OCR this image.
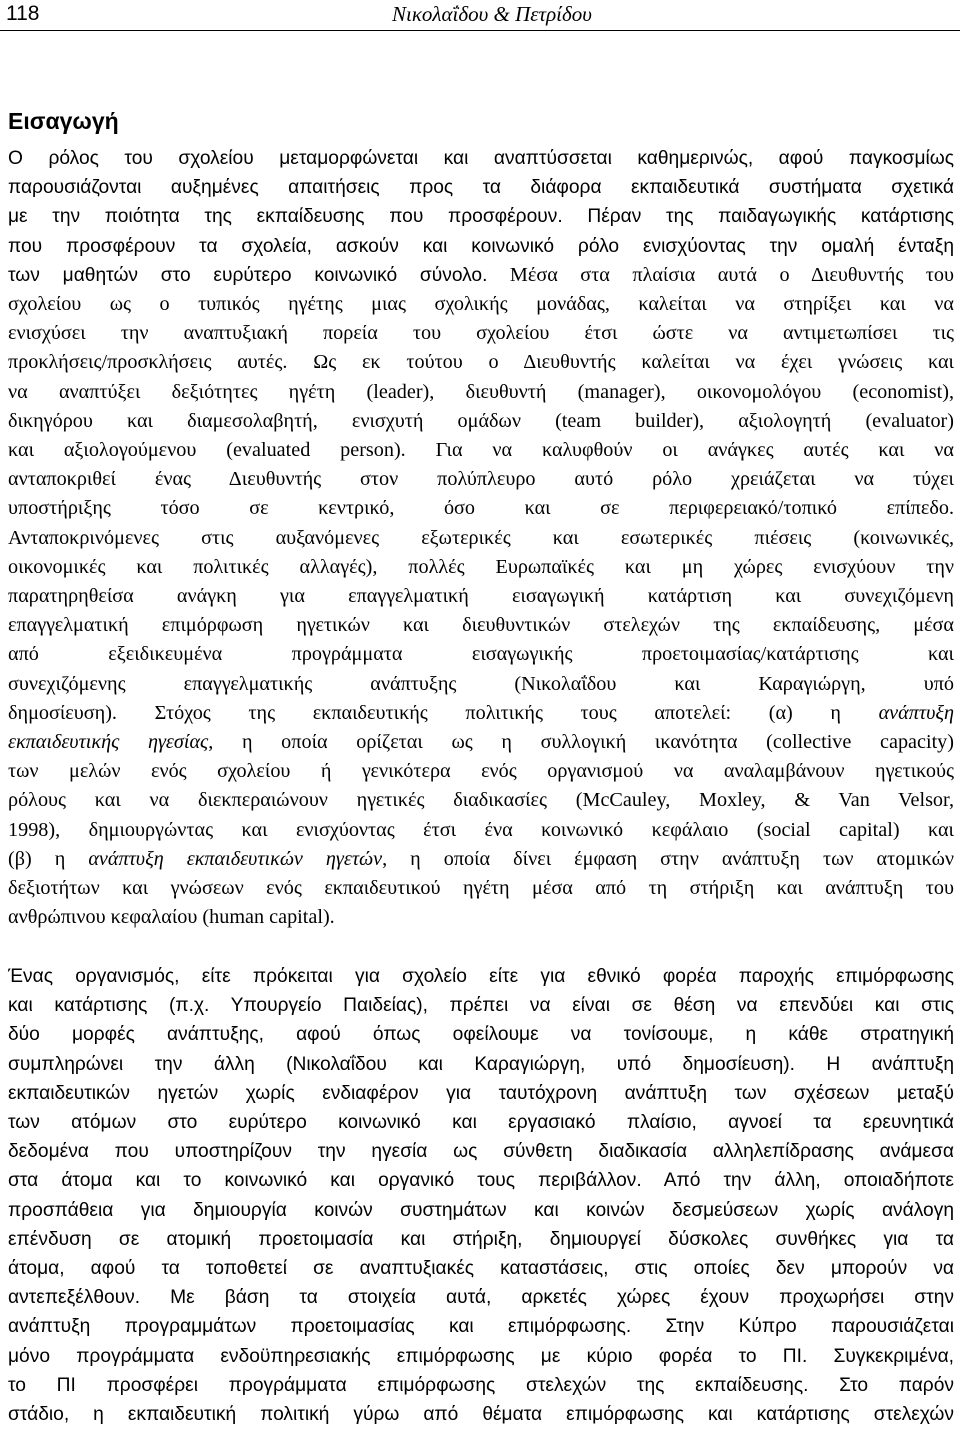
118	Νικολαΐδου & Πετρίδου
Εισαγωγή
Ο ρόλος του σχολείου μεταμορφώνεται και αναπτύσσεται καθημερινώς, αφού παγκοσμίως
παρουσιάζονται αυξημένες απαιτήσεις προς τα διάφορα εκπαιδευτικά συστήματα σχετικά
με την ποιότητα της εκπαίδευσης που προσφέρουν. Πέραν της παιδαγωγικής κατάρτισης
που προσφέρουν τα σχολεία, ασκούν και κοινωνικό ρόλο ενισχύοντας την ομαλή ένταξη
των μαθητών στο ευρύτερο κοινωνικό σύνολο. Μέσα στα πλαίσια αυτά ο Διευθυντής του
σχολείου ως ο τυπικός ηγέτης μιας σχολικής μονάδας, καλείται να στηρίξει και να
ενισχύσει την αναπτυξιακή πορεία του σχολείου έτσι ώστε να αντιμετωπίσει τις
προκλήσεις/προσκλήσεις αυτές. Ως εκ τούτου ο Διευθυντής καλείται να έχει γνώσεις και
να αναπτύξει δεξιότητες ηγέτη (leader), διευθυντή (manager), οικονομολόγου (economist),
δικηγόρου και διαμεσολαβητή, ενισχυτή ομάδων (team builder), αξιολογητή (evaluator)
και αξιολογούμενου (evaluated person). Για να καλυφθούν οι ανάγκες αυτές και να
ανταποκριθεί ένας Διευθυντής στον πολύπλευρο αυτό ρόλο χρειάζεται να τύχει
υποστήριξης τόσο σε κεντρικό, όσο και σε περιφερειακό/τοπικό επίπεδο.
Ανταποκρινόμενες στις αυξανόμενες εξωτερικές και εσωτερικές πιέσεις (κοινωνικές,
οικονομικές και πολιτικές αλλαγές), πολλές Ευρωπαϊκές και μη χώρες ενισχύουν την
παρατηρηθείσα ανάγκη για επαγγελματική εισαγωγική κατάρτιση και συνεχιζόμενη
επαγγελματική επιμόρφωση ηγετικών και διευθυντικών στελεχών της εκπαίδευσης, μέσα
από εξειδικευμένα προγράμματα εισαγωγικής προετοιμασίας/κατάρτισης και
συνεχιζόμενης επαγγελματικής ανάπτυξης (Νικολαΐδου και Καραγιώργη, υπό
δημοσίευση). Στόχος της εκπαιδευτικής πολιτικής τους αποτελεί: (α) η ανάπτυξη
εκπαιδευτικής ηγεσίας, η οποία ορίζεται ως η συλλογική ικανότητα (collective capacity)
των μελών ενός σχολείου ή γενικότερα ενός οργανισμού να αναλαμβάνουν ηγετικούς
ρόλους και να διεκπεραιώνουν ηγετικές διαδικασίες (McCauley, Moxley, & Van Velsor,
1998), δημιουργώντας και ενισχύοντας έτσι ένα κοινωνικό κεφάλαιο (social capital) και
(β) η ανάπτυξη εκπαιδευτικών ηγετών, η οποία δίνει έμφαση στην ανάπτυξη των ατομικών
δεξιοτήτων και γνώσεων ενός εκπαιδευτικού ηγέτη μέσα από τη στήριξη και ανάπτυξη του
ανθρώπινου κεφαλαίου (human capital).
Ένας οργανισμός, είτε πρόκειται για σχολείο είτε για εθνικό φορέα παροχής επιμόρφωσης
και κατάρτισης (π.χ. Υπουργείο Παιδείας), πρέπει να είναι σε θέση να επενδύει και στις
δύο μορφές ανάπτυξης, αφού όπως οφείλουμε να τονίσουμε, η κάθε στρατηγική
συμπληρώνει την άλλη (Νικολαΐδου και Καραγιώργη, υπό δημοσίευση). Η ανάπτυξη
εκπαιδευτικών ηγετών χωρίς ενδιαφέρον για ταυτόχρονη ανάπτυξη των σχέσεων μεταξύ
των ατόμων στο ευρύτερο κοινωνικό και εργασιακό πλαίσιο, αγνοεί τα ερευνητικά
δεδομένα που υποστηρίζουν την ηγεσία ως σύνθετη διαδικασία αλληλεπίδρασης ανάμεσα
στα άτομα και το κοινωνικό και οργανικό τους περιβάλλον. Από την άλλη, οποιαδήποτε
προσπάθεια για δημιουργία κοινών συστημάτων και κοινών δεσμεύσεων χωρίς ανάλογη
επένδυση σε ατομική προετοιμασία και στήριξη, δημιουργεί δύσκολες συνθήκες για τα
άτομα, αφού τα τοποθετεί σε αναπτυξιακές καταστάσεις, στις οποίες δεν μπορούν να
αντεπεξέλθουν. Με βάση τα στοιχεία αυτά, αρκετές χώρες έχουν προχωρήσει στην
ανάπτυξη προγραμμάτων προετοιμασίας και επιμόρφωσης. Στην Κύπρο παρουσιάζεται
μόνο προγράμματα ενδοϋπηρεσιακής επιμόρφωσης με κύριο φορέα το ΠΙ. Συγκεκριμένα,
το ΠΙ προσφέρει προγράμματα επιμόρφωσης στελεχών της εκπαίδευσης. Στο παρόν
στάδιο, η εκπαιδευτική πολιτική γύρω από θέματα επιμόρφωσης και κατάρτισης στελεχών
